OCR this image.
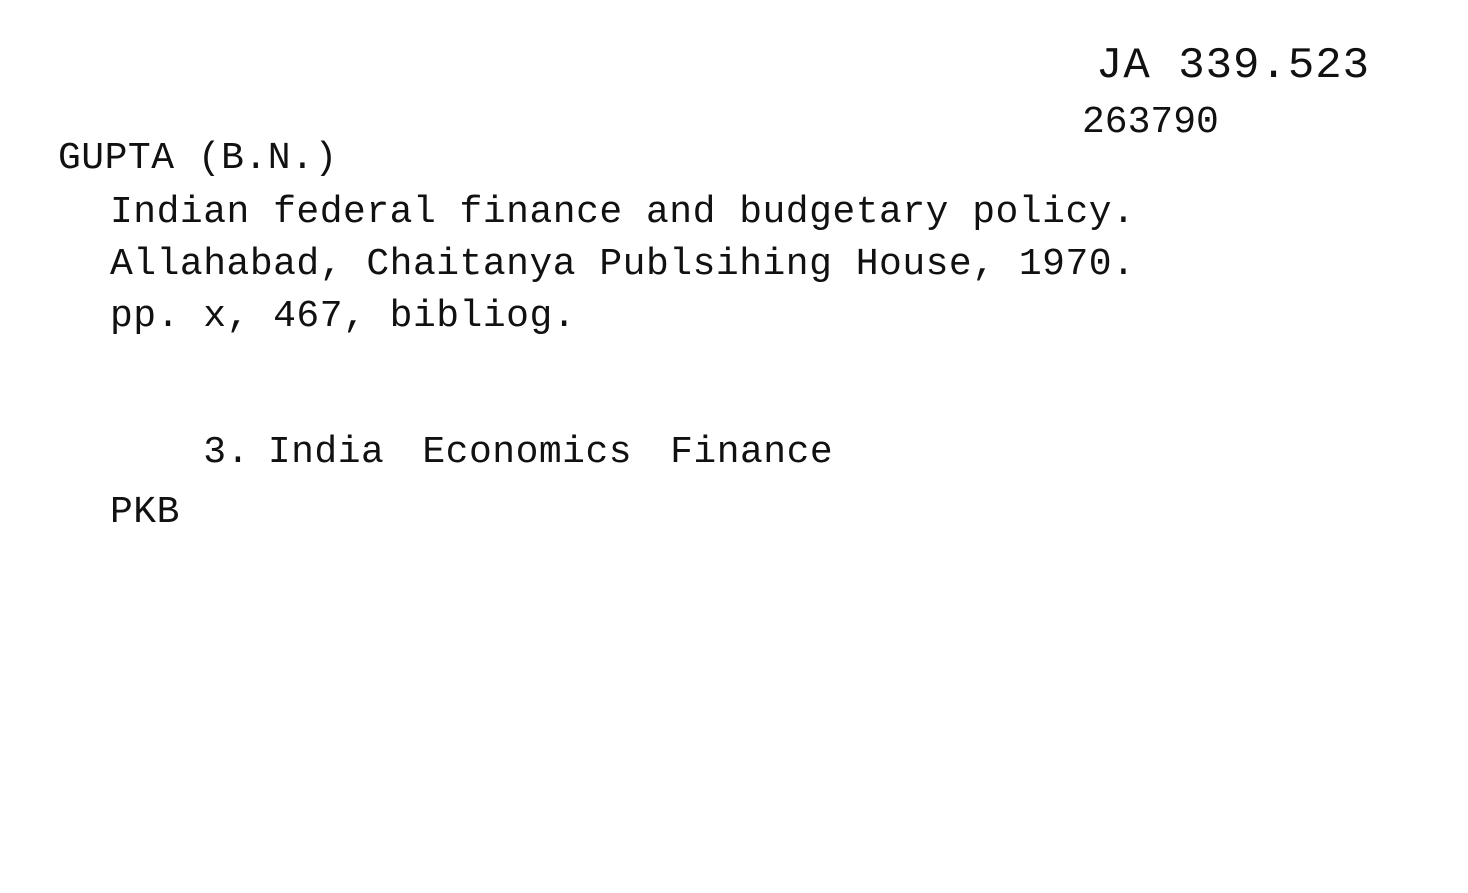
JA 339.523
263790
GUPTA (B.N.)
Indian federal finance and budgetary policy.
Allahabad, Chaitanya Publsihing House, 1970.
pp. x, 467, bibliog.

3. India Economics Finance

PKB
